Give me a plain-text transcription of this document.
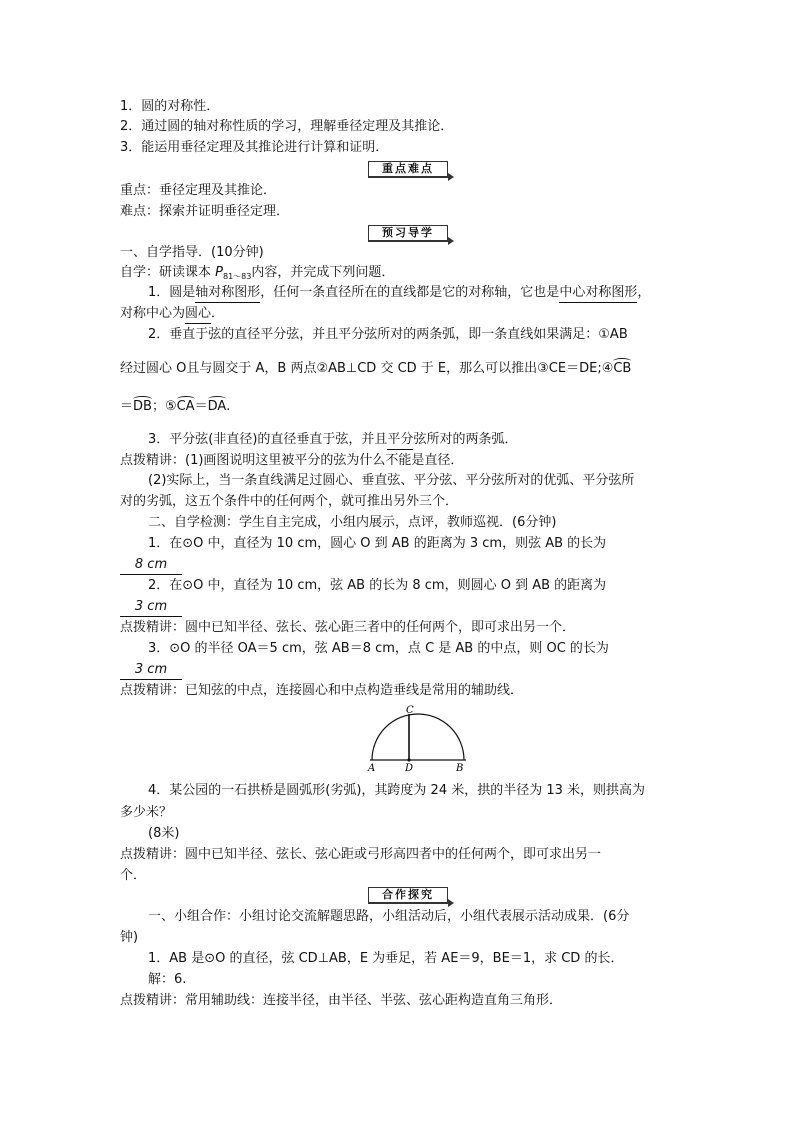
1．圆的对称性．
2．通过圆的轴对称性质的学习，理解垂径定理及其推论．
3．能运用垂径定理及其推论进行计算和证明．
重点难点
重点：垂径定理及其推论．
难点：探索并证明垂径定理．
预习导学
一、自学指导．(10分钟)
自学：研读课本 $P_{81\sim 83}$内容，并完成下列问题．
1．圆是轴对称图形，任何一条直径所在的直线都是它的对称轴，它也是中心对称图形，
对称中心为圆心．
2．垂直于弦的直径平分弦，并且平分弦所对的两条弧，即一条直线如果满足：①AB
经过圆心 O且与圆交于 A，B 两点②AB⊥CD 交 CD 于 E，那么可以推出③CE＝DE;④CB
＝DB；⑤CA＝DA.
3．平分弦(非直径)的直径垂直于弦，并且平分弦所对的两条弧．
点拨精讲：(1)画图说明这里被平分的弦为什么不能是直径．
(2)实际上，当一条直线满足过圆心、垂直弦、平分弦、平分弦所对的优弧、平分弦所
对的劣弧，这五个条件中的任何两个，就可推出另外三个．
二、自学检测：学生自主完成，小组内展示，点评，教师巡视．(6分钟)
1．在⊙O 中，直径为 10 cm，圆心 O 到 AB 的距离为 3 cm，则弦 AB 的长为
8 cm
2．在⊙O 中，直径为 10 cm，弦 AB 的长为 8 cm，则圆心 O 到 AB 的距离为
3 cm
点拨精讲：圆中已知半径、弦长、弦心距三者中的任何两个，即可求出另一个．
3．⊙O 的半径 OA＝5 cm，弦 AB＝8 cm，点 C 是 AB 的中点，则 OC 的长为
3 cm
点拨精讲：已知弦的中点，连接圆心和中点构造垂线是常用的辅助线．
C
A	D	B
4．某公园的一石拱桥是圆弧形(劣弧)，其跨度为 24 米，拱的半径为 13 米，则拱高为
多少米？
(8米)
点拨精讲：圆中已知半径、弦长、弦心距或弓形高四者中的任何两个，即可求出另一
个．
合作探究
一、小组合作：小组讨论交流解题思路，小组活动后，小组代表展示活动成果．(6分
钟)
1．AB 是⊙O 的直径，弦 CD⊥AB，E 为垂足，若 AE＝9，BE＝1，求 CD 的长．
解：6.
点拨精讲：常用辅助线：连接半径，由半径、半弦、弦心距构造直角三角形．
